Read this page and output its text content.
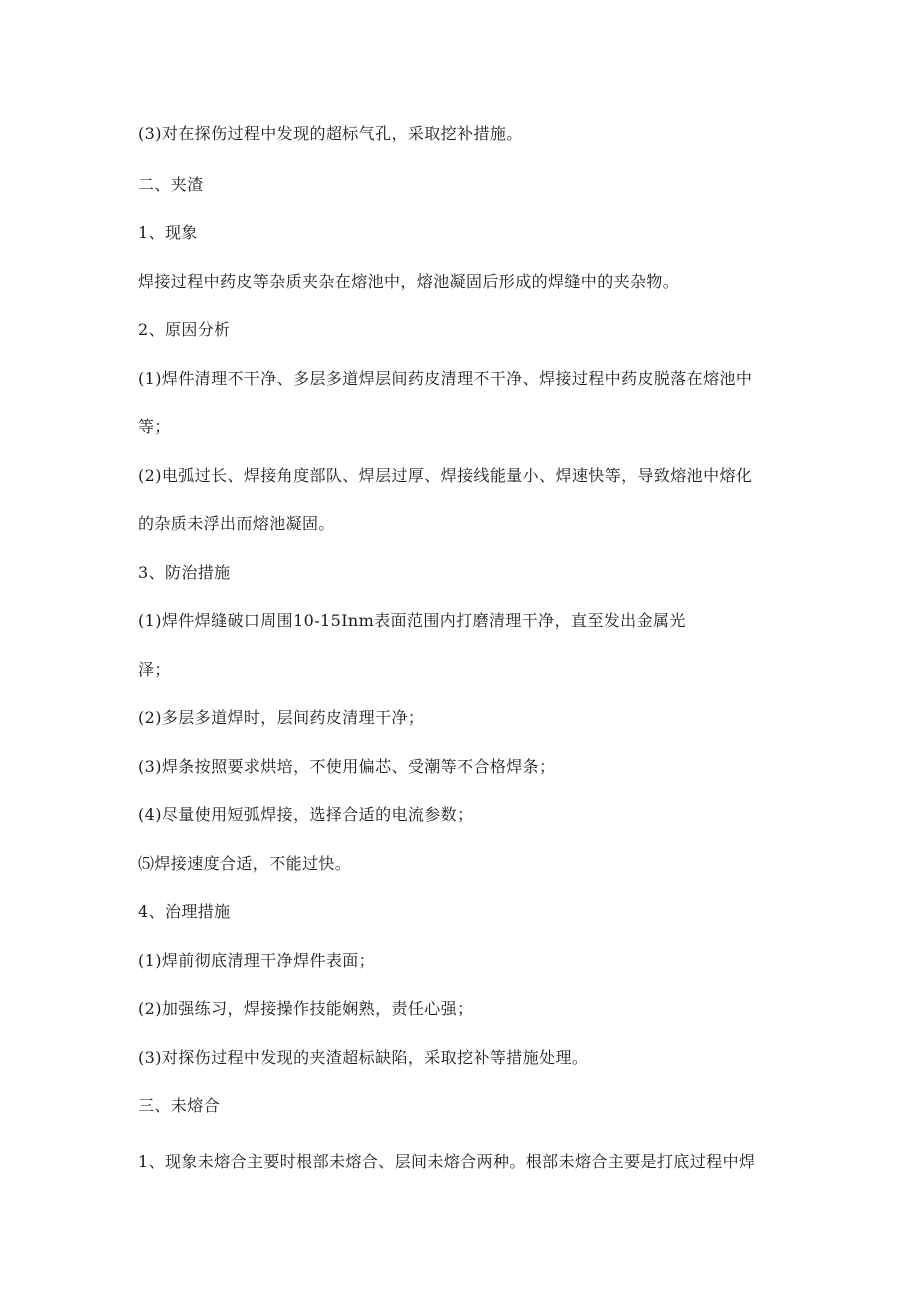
(3)对在探伤过程中发现的超标气孔，采取挖补措施。
二、夹渣
1、现象
焊接过程中药皮等杂质夹杂在熔池中，熔池凝固后形成的焊缝中的夹杂物。
2、原因分析
(1)焊件清理不干净、多层多道焊层间药皮清理不干净、焊接过程中药皮脱落在熔池中
等；
(2)电弧过长、焊接角度部队、焊层过厚、焊接线能量小、焊速快等，导致熔池中熔化
的杂质未浮出而熔池凝固。
3、防治措施
(1)焊件焊缝破口周围10-15Inm表面范围内打磨清理干净，直至发出金属光
泽；
(2)多层多道焊时，层间药皮清理干净；
(3)焊条按照要求烘培，不使用偏芯、受潮等不合格焊条；
(4)尽量使用短弧焊接，选择合适的电流参数；
⑸焊接速度合适，不能过快。
4、治理措施
(1)焊前彻底清理干净焊件表面；
(2)加强练习，焊接操作技能娴熟，责任心强；
(3)对探伤过程中发现的夹渣超标缺陷，采取挖补等措施处理。
三、未熔合
1、现象未熔合主要时根部未熔合、层间未熔合两种。根部未熔合主要是打底过程中焊
